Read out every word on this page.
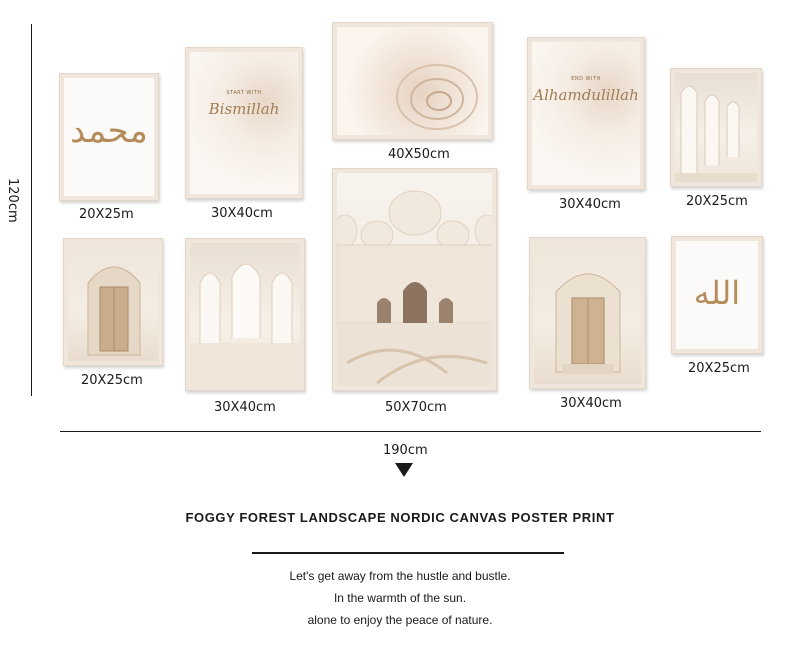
120cm
محمد
20X25m
START WITH
Bismillah
30X40cm
40X50cm
END WITH
Alhamdulillah
30X40cm	20X25cm
20X25cm
30X40cm	50X70cm	30X40cm
الله
20X25cm
190cm
FOGGY FOREST LANDSCAPE NORDIC CANVAS POSTER PRINT
Let's get away from the hustle and bustle.
In the warmth of the sun.
alone to enjoy the peace of nature.
